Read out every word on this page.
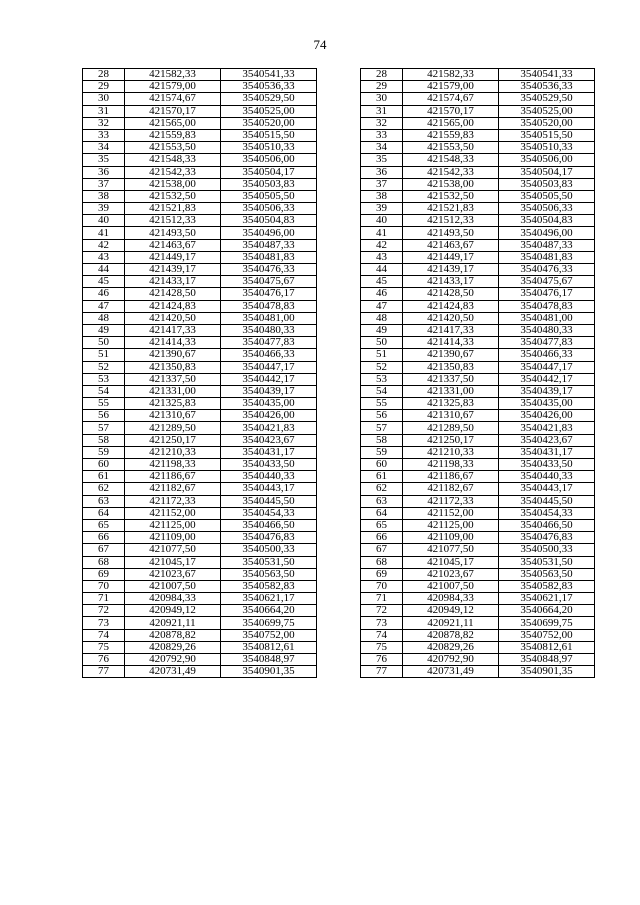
74
28	421582,33	3540541,33		28	421582,33	3540541,33
29	421579,00	3540536,33		29	421579,00	3540536,33
30	421574,67	3540529,50		30	421574,67	3540529,50
31	421570,17	3540525,00		31	421570,17	3540525,00
32	421565,00	3540520,00		32	421565,00	3540520,00
33	421559,83	3540515,50		33	421559,83	3540515,50
34	421553,50	3540510,33		34	421553,50	3540510,33
35	421548,33	3540506,00		35	421548,33	3540506,00
36	421542,33	3540504,17		36	421542,33	3540504,17
37	421538,00	3540503,83		37	421538,00	3540503,83
38	421532,50	3540505,50		38	421532,50	3540505,50
39	421521,83	3540506,33		39	421521,83	3540506,33
40	421512,33	3540504,83		40	421512,33	3540504,83
41	421493,50	3540496,00		41	421493,50	3540496,00
42	421463,67	3540487,33		42	421463,67	3540487,33
43	421449,17	3540481,83		43	421449,17	3540481,83
44	421439,17	3540476,33		44	421439,17	3540476,33
45	421433,17	3540475,67		45	421433,17	3540475,67
46	421428,50	3540476,17		46	421428,50	3540476,17
47	421424,83	3540478,83		47	421424,83	3540478,83
48	421420,50	3540481,00		48	421420,50	3540481,00
49	421417,33	3540480,33		49	421417,33	3540480,33
50	421414,33	3540477,83		50	421414,33	3540477,83
51	421390,67	3540466,33		51	421390,67	3540466,33
52	421350,83	3540447,17		52	421350,83	3540447,17
53	421337,50	3540442,17		53	421337,50	3540442,17
54	421331,00	3540439,17		54	421331,00	3540439,17
55	421325,83	3540435,00		55	421325,83	3540435,00
56	421310,67	3540426,00		56	421310,67	3540426,00
57	421289,50	3540421,83		57	421289,50	3540421,83
58	421250,17	3540423,67		58	421250,17	3540423,67
59	421210,33	3540431,17		59	421210,33	3540431,17
60	421198,33	3540433,50		60	421198,33	3540433,50
61	421186,67	3540440,33		61	421186,67	3540440,33
62	421182,67	3540443,17		62	421182,67	3540443,17
63	421172,33	3540445,50		63	421172,33	3540445,50
64	421152,00	3540454,33		64	421152,00	3540454,33
65	421125,00	3540466,50		65	421125,00	3540466,50
66	421109,00	3540476,83		66	421109,00	3540476,83
67	421077,50	3540500,33		67	421077,50	3540500,33
68	421045,17	3540531,50		68	421045,17	3540531,50
69	421023,67	3540563,50		69	421023,67	3540563,50
70	421007,50	3540582,83		70	421007,50	3540582,83
71	420984,33	3540621,17		71	420984,33	3540621,17
72	420949,12	3540664,20		72	420949,12	3540664,20
73	420921,11	3540699,75		73	420921,11	3540699,75
74	420878,82	3540752,00		74	420878,82	3540752,00
75	420829,26	3540812,61		75	420829,26	3540812,61
76	420792,90	3540848,97		76	420792,90	3540848,97
77	420731,49	3540901,35		77	420731,49	3540901,35
